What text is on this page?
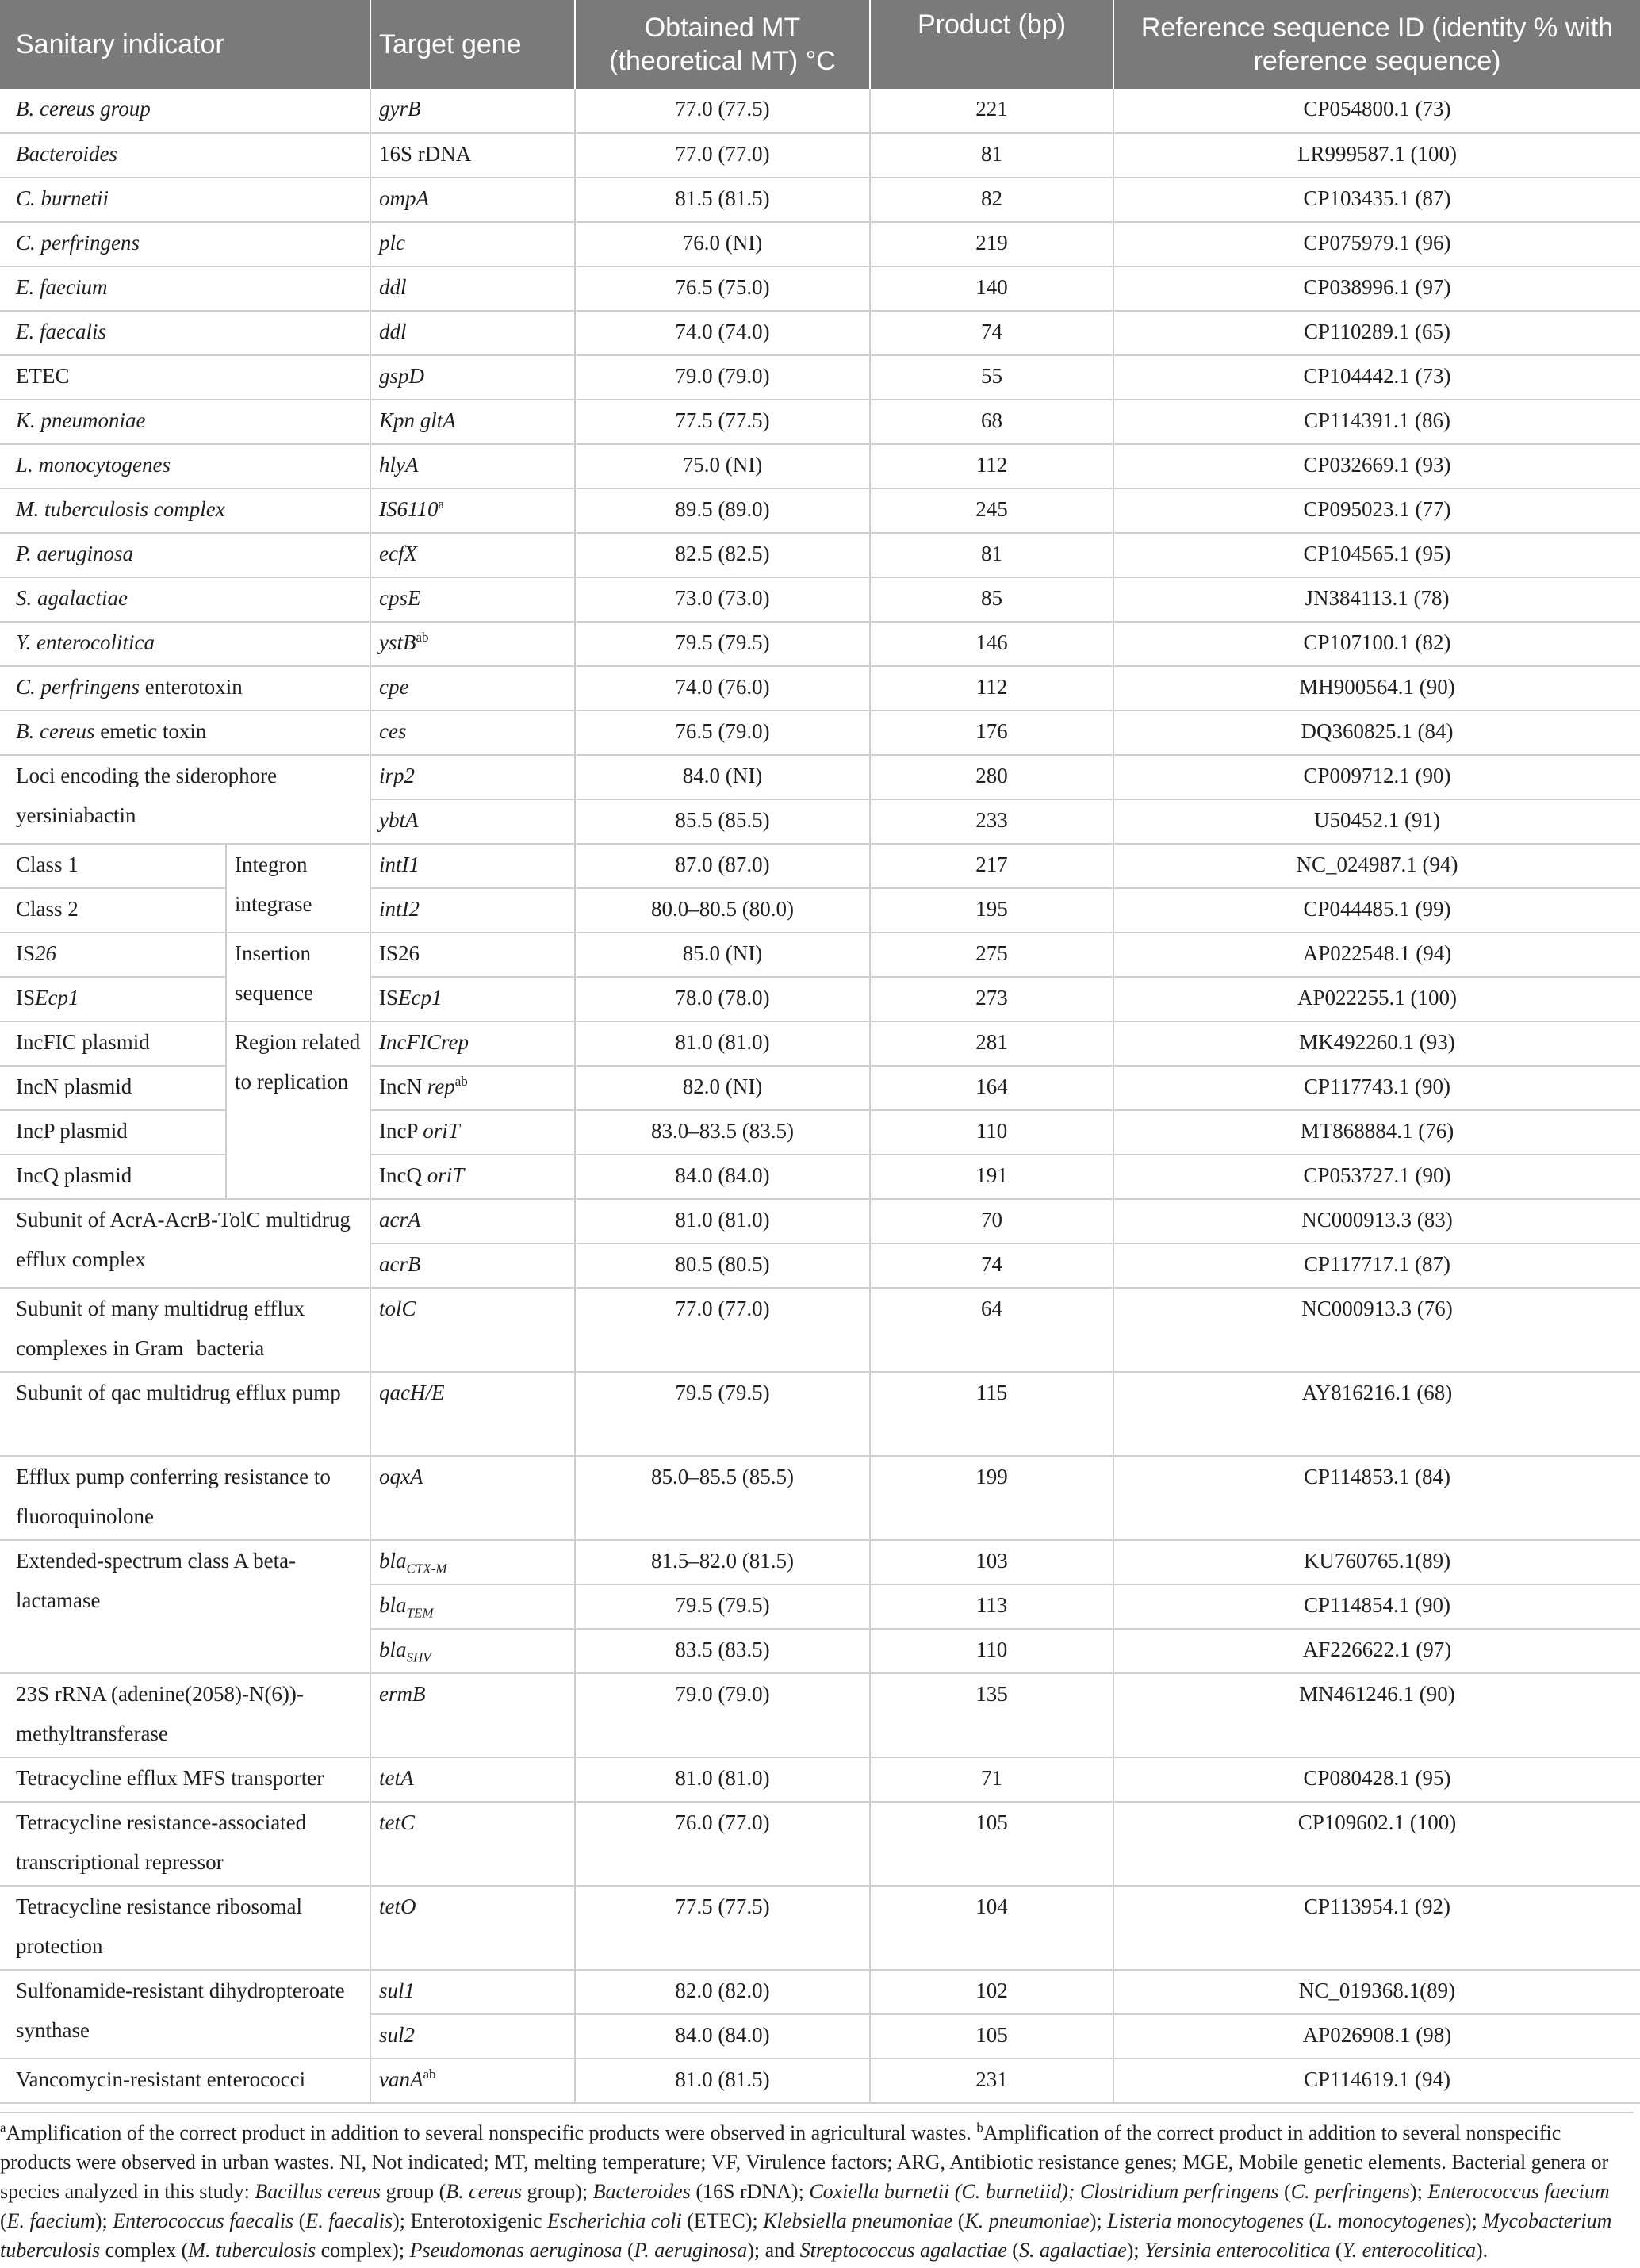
Sanitary indicator		Target gene	Obtained MT (theoretical MT) °C	Product (bp)	Reference sequence ID (identity % with reference sequence)
B. cereus group		gyrB	77.0 (77.5)	221	CP054800.1 (73)
Bacteroides		16S rDNA	77.0 (77.0)	81	LR999587.1 (100)
C. burnetii		ompA	81.5 (81.5)	82	CP103435.1 (87)
C. perfringens		plc	76.0 (NI)	219	CP075979.1 (96)
E. faecium		ddl	76.5 (75.0)	140	CP038996.1 (97)
E. faecalis		ddl	74.0 (74.0)	74	CP110289.1 (65)
ETEC		gspD	79.0 (79.0)	55	CP104442.1 (73)
K. pneumoniae		Kpn gltA	77.5 (77.5)	68	CP114391.1 (86)
L. monocytogenes		hlyA	75.0 (NI)	112	CP032669.1 (93)
M. tuberculosis complex		IS6110$^a$	89.5 (89.0)	245	CP095023.1 (77)
P. aeruginosa		ecfX	82.5 (82.5)	81	CP104565.1 (95)
S. agalactiae		cpsE	73.0 (73.0)	85	JN384113.1 (78)
Y. enterocolitica		ystB$^{ab}$	79.5 (79.5)	146	CP107100.1 (82)
C. perfringens enterotoxin		cpe	74.0 (76.0)	112	MH900564.1 (90)
B. cereus emetic toxin		ces	76.5 (79.0)	176	DQ360825.1 (84)
Loci encoding the siderophore yersiniabactin		irp2	84.0 (NI)	280	CP009712.1 (90)
		ybtA	85.5 (85.5)	233	U50452.1 (91)
Class 1	Integron integrase	intI1	87.0 (87.0)	217	NC_024987.1 (94)
Class 2		intI2	80.0–80.5 (80.0)	195	CP044485.1 (99)
IS26	Insertion sequence	IS26	85.0 (NI)	275	AP022548.1 (94)
ISEcp1		ISEcp1	78.0 (78.0)	273	AP022255.1 (100)
IncFIC plasmid	Region related to replication	IncFICrep	81.0 (81.0)	281	MK492260.1 (93)
IncN plasmid		IncN rep$^{ab}$	82.0 (NI)	164	CP117743.1 (90)
IncP plasmid		IncP oriT	83.0–83.5 (83.5)	110	MT868884.1 (76)
IncQ plasmid		IncQ oriT	84.0 (84.0)	191	CP053727.1 (90)
Subunit of AcrA-AcrB-TolC multidrug efflux complex		acrA	81.0 (81.0)	70	NC000913.3 (83)
		acrB	80.5 (80.5)	74	CP117717.1 (87)
Subunit of many multidrug efflux complexes in Gram− bacteria		tolC	77.0 (77.0)	64	NC000913.3 (76)
Subunit of qac multidrug efflux pump		qacH/E	79.5 (79.5)	115	AY816216.1 (68)
Efflux pump conferring resistance to fluoroquinolone		oqxA	85.0–85.5 (85.5)	199	CP114853.1 (84)
Extended-spectrum class A beta-lactamase		bla$_{CTX-M}$	81.5–82.0 (81.5)	103	KU760765.1(89)
		bla$_{TEM}$	79.5 (79.5)	113	CP114854.1 (90)
		bla$_{SHV}$	83.5 (83.5)	110	AF226622.1 (97)
23S rRNA (adenine(2058)-N(6))-methyltransferase		ermB	79.0 (79.0)	135	MN461246.1 (90)
Tetracycline efflux MFS transporter		tetA	81.0 (81.0)	71	CP080428.1 (95)
Tetracycline resistance-associated transcriptional repressor		tetC	76.0 (77.0)	105	CP109602.1 (100)
Tetracycline resistance ribosomal protection		tetO	77.5 (77.5)	104	CP113954.1 (92)
Sulfonamide-resistant dihydropteroate synthase		sul1	82.0 (82.0)	102	NC_019368.1(89)
		sul2	84.0 (84.0)	105	AP026908.1 (98)
Vancomycin-resistant enterococci		vanA$^{ab}$	81.0 (81.5)	231	CP114619.1 (94)

$^a$Amplification of the correct product in addition to several nonspecific products were observed in agricultural wastes. $^b$Amplification of the correct product in addition to several nonspecific products were observed in urban wastes. NI, Not indicated; MT, melting temperature; VF, Virulence factors; ARG, Antibiotic resistance genes; MGE, Mobile genetic elements. Bacterial genera or species analyzed in this study: Bacillus cereus group (B. cereus group); Bacteroides (16S rDNA); Coxiella burnetii (C. burnetiid); Clostridium perfringens (C. perfringens); Enterococcus faecium (E. faecium); Enterococcus faecalis (E. faecalis); Enterotoxigenic Escherichia coli (ETEC); Klebsiella pneumoniae (K. pneumoniae); Listeria monocytogenes (L. monocytogenes); Mycobacterium tuberculosis complex (M. tuberculosis complex); Pseudomonas aeruginosa (P. aeruginosa); and Streptococcus agalactiae (S. agalactiae); Yersinia enterocolitica (Y. enterocolitica).
